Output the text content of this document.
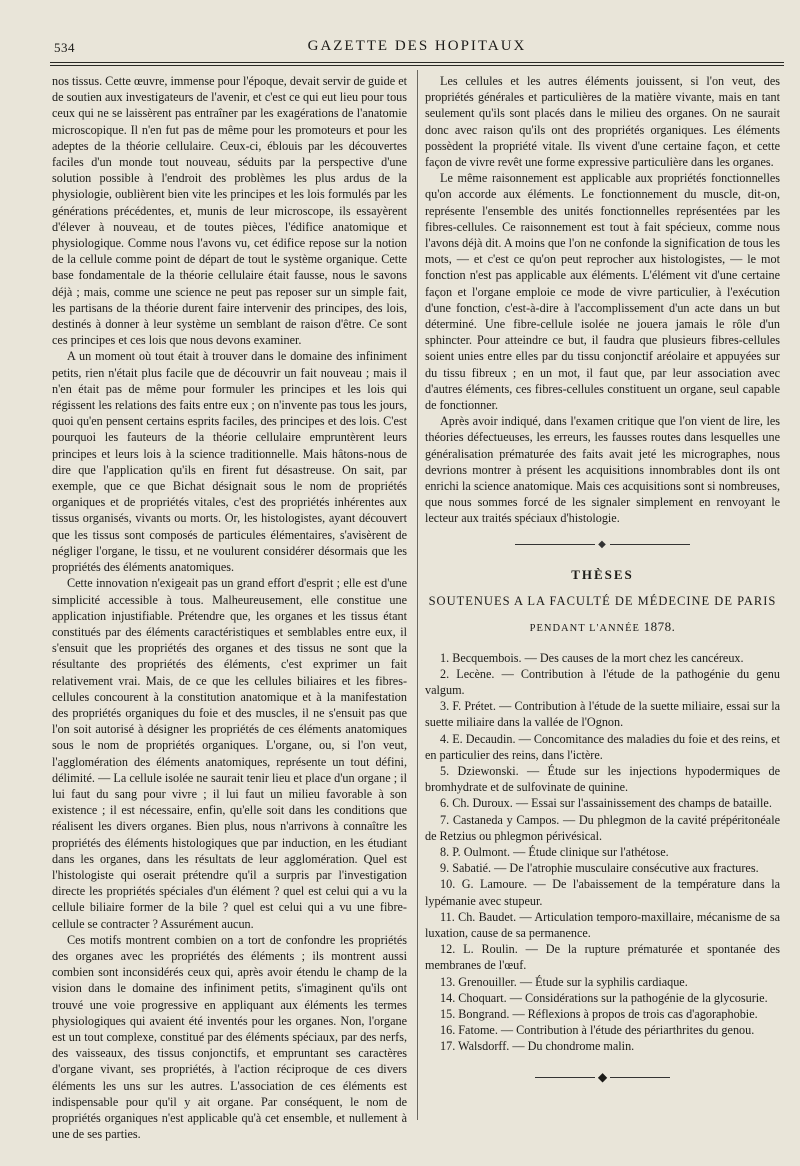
534	GAZETTE DES HOPITAUX

nos tissus. Cette œuvre, immense pour l'époque, devait servir de guide et de soutien aux investigateurs de l'avenir, et c'est ce qui eut lieu pour tous ceux qui ne se laissèrent pas entraîner par les exagérations de l'anatomie microscopique. Il n'en fut pas de même pour les promoteurs et pour les adeptes de la théorie cellulaire. Ceux-ci, éblouis par les découvertes faciles d'un monde tout nouveau, séduits par la perspective d'une solution possible à l'endroit des problèmes les plus ardus de la physiologie, oublièrent bien vite les principes et les lois formulés par les générations précédentes, et, munis de leur microscope, ils essayèrent d'élever à nouveau, et de toutes pièces, l'édifice anatomique et physiologique. Comme nous l'avons vu, cet édifice repose sur la notion de la cellule comme point de départ de tout le système organique. Cette base fondamentale de la théorie cellulaire était fausse, nous le savons déjà ; mais, comme une science ne peut pas reposer sur un simple fait, les partisans de la théorie durent faire intervenir des principes, des lois, destinés à donner à leur système un semblant de raison d'être. Ce sont ces principes et ces lois que nous devons examiner.

A un moment où tout était à trouver dans le domaine des infiniment petits, rien n'était plus facile que de découvrir un fait nouveau ; mais il n'en était pas de même pour formuler les principes et les lois qui régissent les relations des faits entre eux ; on n'invente pas tous les jours, quoi qu'en pensent certains esprits faciles, des principes et des lois. C'est pourquoi les fauteurs de la théorie cellulaire empruntèrent leurs principes et leurs lois à la science traditionnelle. Mais hâtons-nous de dire que l'application qu'ils en firent fut désastreuse. On sait, par exemple, que ce que Bichat désignait sous le nom de propriétés organiques et de propriétés vitales, c'est des propriétés inhérentes aux tissus organisés, vivants ou morts. Or, les histologistes, ayant découvert que les tissus sont composés de particules élémentaires, s'avisèrent de négliger l'organe, le tissu, et ne voulurent considérer désormais que les propriétés des éléments anatomiques.

Cette innovation n'exigeait pas un grand effort d'esprit ; elle est d'une simplicité accessible à tous. Malheureusement, elle constitue une application injustifiable. Prétendre que, les organes et les tissus étant constitués par des éléments caractéristiques et semblables entre eux, il s'ensuit que les propriétés des organes et des tissus ne sont que la résultante des propriétés des éléments, c'est exprimer un fait relativement vrai. Mais, de ce que les cellules biliaires et les fibres-cellules concourent à la constitution anatomique et à la manifestation des propriétés organiques du foie et des muscles, il ne s'ensuit pas que l'on soit autorisé à désigner les propriétés de ces éléments anatomiques sous le nom de propriétés organiques. L'organe, ou, si l'on veut, l'agglomération des éléments anatomiques, représente un tout défini, délimité. — La cellule isolée ne saurait tenir lieu et place d'un organe ; il lui faut du sang pour vivre ; il lui faut un milieu favorable à son existence ; il est nécessaire, enfin, qu'elle soit dans les conditions que réalisent les divers organes. Bien plus, nous n'arrivons à connaître les propriétés des éléments histologiques que par induction, en les étudiant dans les organes, dans les résultats de leur agglomération. Quel est l'histologiste qui oserait prétendre qu'il a surpris par l'investigation directe les propriétés spéciales d'un élément ? quel est celui qui a vu la cellule biliaire former de la bile ? quel est celui qui a vu une fibre-cellule se contracter ? Assurément aucun.

Ces motifs montrent combien on a tort de confondre les propriétés des organes avec les propriétés des éléments ; ils montrent aussi combien sont inconsidérés ceux qui, après avoir étendu le champ de la vision dans le domaine des infiniment petits, s'imaginent qu'ils ont trouvé une voie progressive en appliquant aux éléments les termes physiologiques qui avaient été inventés pour les organes. Non, l'organe est un tout complexe, constitué par des éléments spéciaux, par des nerfs, des vaisseaux, des tissus conjonctifs, et empruntant ses caractères d'organe vivant, ses propriétés, à l'action réciproque de ces divers éléments les uns sur les autres. L'association de ces éléments est indispensable pour qu'il y ait organe. Par conséquent, le nom de propriétés organiques n'est applicable qu'à cet ensemble, et nullement à une de ses parties.

Les cellules et les autres éléments jouissent, si l'on veut, des propriétés générales et particulières de la matière vivante, mais en tant seulement qu'ils sont placés dans le milieu des organes. On ne saurait donc avec raison qu'ils ont des propriétés organiques. Les éléments possèdent la propriété vitale. Ils vivent d'une certaine façon, et cette façon de vivre revêt une forme expressive particulière dans les organes.

Le même raisonnement est applicable aux propriétés fonctionnelles qu'on accorde aux éléments. Le fonctionnement du muscle, dit-on, représente l'ensemble des unités fonctionnelles représentées par les fibres-cellules. Ce raisonnement est tout à fait spécieux, comme nous l'avons déjà dit. A moins que l'on ne confonde la signification de tous les mots, — et c'est ce qu'on peut reprocher aux histologistes, — le mot fonction n'est pas applicable aux éléments. L'élément vit d'une certaine façon et l'organe emploie ce mode de vivre particulier, à l'exécution d'une fonction, c'est-à-dire à l'accomplissement d'un acte dans un but déterminé. Une fibre-cellule isolée ne jouera jamais le rôle d'un sphincter. Pour atteindre ce but, il faudra que plusieurs fibres-cellules soient unies entre elles par du tissu conjonctif aréolaire et appuyées sur du tissu fibreux ; en un mot, il faut que, par leur association avec d'autres éléments, ces fibres-cellules constituent un organe, seul capable de fonctionner.

Après avoir indiqué, dans l'examen critique que l'on vient de lire, les théories défectueuses, les erreurs, les fausses routes dans lesquelles une généralisation prématurée des faits avait jeté les micrographes, nous devrions montrer à présent les acquisitions innombrables dont ils ont enrichi la science anatomique. Mais ces acquisitions sont si nombreuses, que nous sommes forcé de les signaler simplement en renvoyant le lecteur aux traités spéciaux d'histologie.

◆
THÈSES
SOUTENUES A LA FACULTÉ DE MÉDECINE DE PARIS
PENDANT L'ANNÉE 1878.

1. Becquembois. — Des causes de la mort chez les cancéreux.

2. Lecène. — Contribution à l'étude de la pathogénie du genu valgum.

3. F. Prétet. — Contribution à l'étude de la suette miliaire, essai sur la suette miliaire dans la vallée de l'Ognon.

4. E. Decaudin. — Concomitance des maladies du foie et des reins, et en particulier des reins, dans l'ictère.

5. Dziewonski. — Étude sur les injections hypodermiques de bromhydrate et de sulfovinate de quinine.

6. Ch. Duroux. — Essai sur l'assainissement des champs de bataille.

7. Castaneda y Campos. — Du phlegmon de la cavité prépéritonéale de Retzius ou phlegmon périvésical.

8. P. Oulmont. — Étude clinique sur l'athétose.

9. Sabatié. — De l'atrophie musculaire consécutive aux fractures.

10. G. Lamoure. — De l'abaissement de la température dans la lypémanie avec stupeur.

11. Ch. Baudet. — Articulation temporo-maxillaire, mécanisme de sa luxation, cause de sa permanence.

12. L. Roulin. — De la rupture prématurée et spontanée des membranes de l'œuf.

13. Grenouiller. — Étude sur la syphilis cardiaque.

14. Choquart. — Considérations sur la pathogénie de la glycosurie.

15. Bongrand. — Réflexions à propos de trois cas d'agoraphobie.

16. Fatome. — Contribution à l'étude des périarthrites du genou.

17. Walsdorff. — Du chondrome malin.

◆
